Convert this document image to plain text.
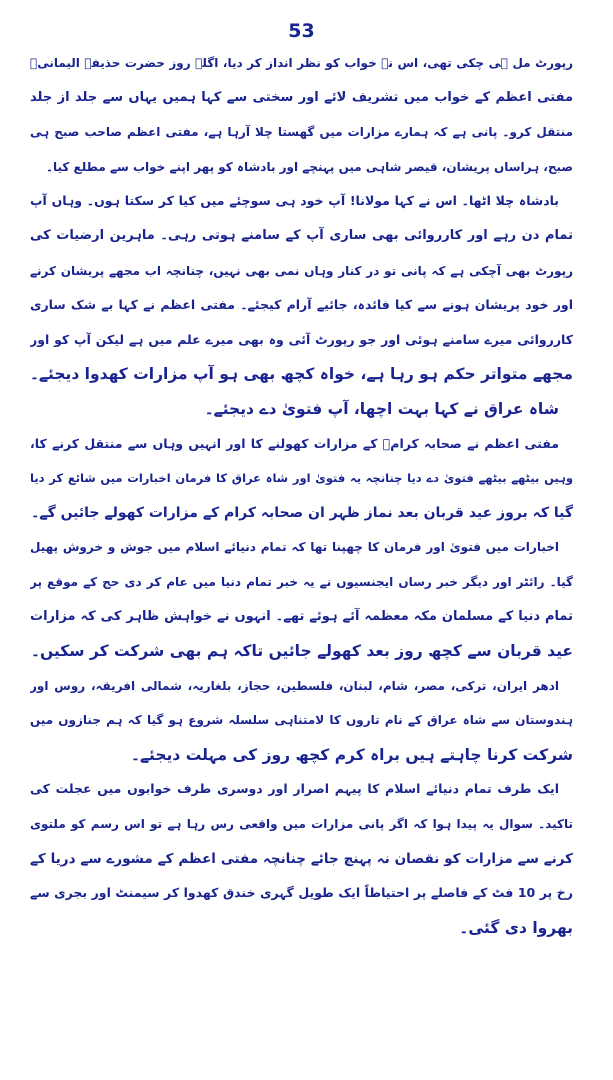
53
رپورٹ مل ہی چکی تھی، اس نے خواب کو نظر انداز کر دیا، اگلے روز حضرت حذیفہ الیمانیؓ
مفتی اعظم کے خواب میں تشریف لائے اور سختی سے کہا ہمیں یہاں سے جلد از جلد
منتقل کرو۔ پانی ہے کہ ہمارے مزارات میں گھستا چلا آرہا ہے، مفتی اعظم صاحب صبح ہی
صبح، ہراساں پریشان، قیصر شاہی میں پہنچے اور بادشاہ کو پھر اپنے خواب سے مطلع کیا۔
بادشاہ چلا اٹھا۔ اس نے کہا مولانا! آپ خود ہی سوچئے میں کیا کر سکتا ہوں۔ وہاں آپ
تمام دن رہے اور کارروائی بھی ساری آپ کے سامنے ہوتی رہی۔ ماہرین ارضیات کی
رپورٹ بھی آچکی ہے کہ پانی تو در کنار وہاں نمی بھی نہیں، چنانچہ اب مجھے پریشان کرنے
اور خود پریشان ہونے سے کیا فائدہ، جائیے آرام کیجئے۔ مفتی اعظم نے کہا بے شک ساری
کارروائی میرے سامنے ہوئی اور جو رپورٹ آئی وہ بھی میرے علم میں ہے لیکن آپ کو اور
مجھے متواتر حکم ہو رہا ہے، خواہ کچھ بھی ہو آپ مزارات کھدوا دیجئے۔
شاہ عراق نے کہا بہت اچھا، آپ فتویٰ دے دیجئے۔
مفتی اعظم نے صحابہ کرامؓ کے مزارات کھولنے کا اور انہیں وہاں سے منتقل کرنے کا،
وہیں بیٹھے بیٹھے فتویٰ دے دیا چنانچہ یہ فتویٰ اور شاہ عراق کا فرمان اخبارات میں شائع کر دیا
گیا کہ بروز عید قربان بعد نماز ظہر ان صحابہ کرام کے مزارات کھولے جائیں گے۔
اخبارات میں فتویٰ اور فرمان کا چھپنا تھا کہ تمام دنیائے اسلام میں جوش و خروش پھیل
گیا۔ رائٹر اور دیگر خبر رساں ایجنسیوں نے یہ خبر تمام دنیا میں عام کر دی حج کے موقع پر
تمام دنیا کے مسلمان مکہ معظمہ آئے ہوئے تھے۔ انہوں نے خواہش ظاہر کی کہ مزارات
عید قربان سے کچھ روز بعد کھولے جائیں تاکہ ہم بھی شرکت کر سکیں۔
ادھر ایران، ترکی، مصر، شام، لبنان، فلسطین، حجاز، بلغاریہ، شمالی افریقہ، روس اور
ہندوستان سے شاہ عراق کے نام تاروں کا لامتناہی سلسلہ شروع ہو گیا کہ ہم جنازوں میں
شرکت کرنا چاہتے ہیں براہ کرم کچھ روز کی مہلت دیجئے۔
ایک طرف تمام دنیائے اسلام کا پیہم اصرار اور دوسری طرف خوابوں میں عجلت کی
تاکید۔ سوال یہ پیدا ہوا کہ اگر پانی مزارات میں واقعی رس رہا ہے تو اس رسم کو ملتوی
کرنے سے مزارات کو نقصان نہ پہنچ جائے چنانچہ مفتی اعظم کے مشورے سے دریا کے
رخ پر 10 فٹ کے فاصلے پر احتیاطاً ایک طویل گہری خندق کھدوا کر سیمنٹ اور بجری سے
بھروا دی گئی۔
